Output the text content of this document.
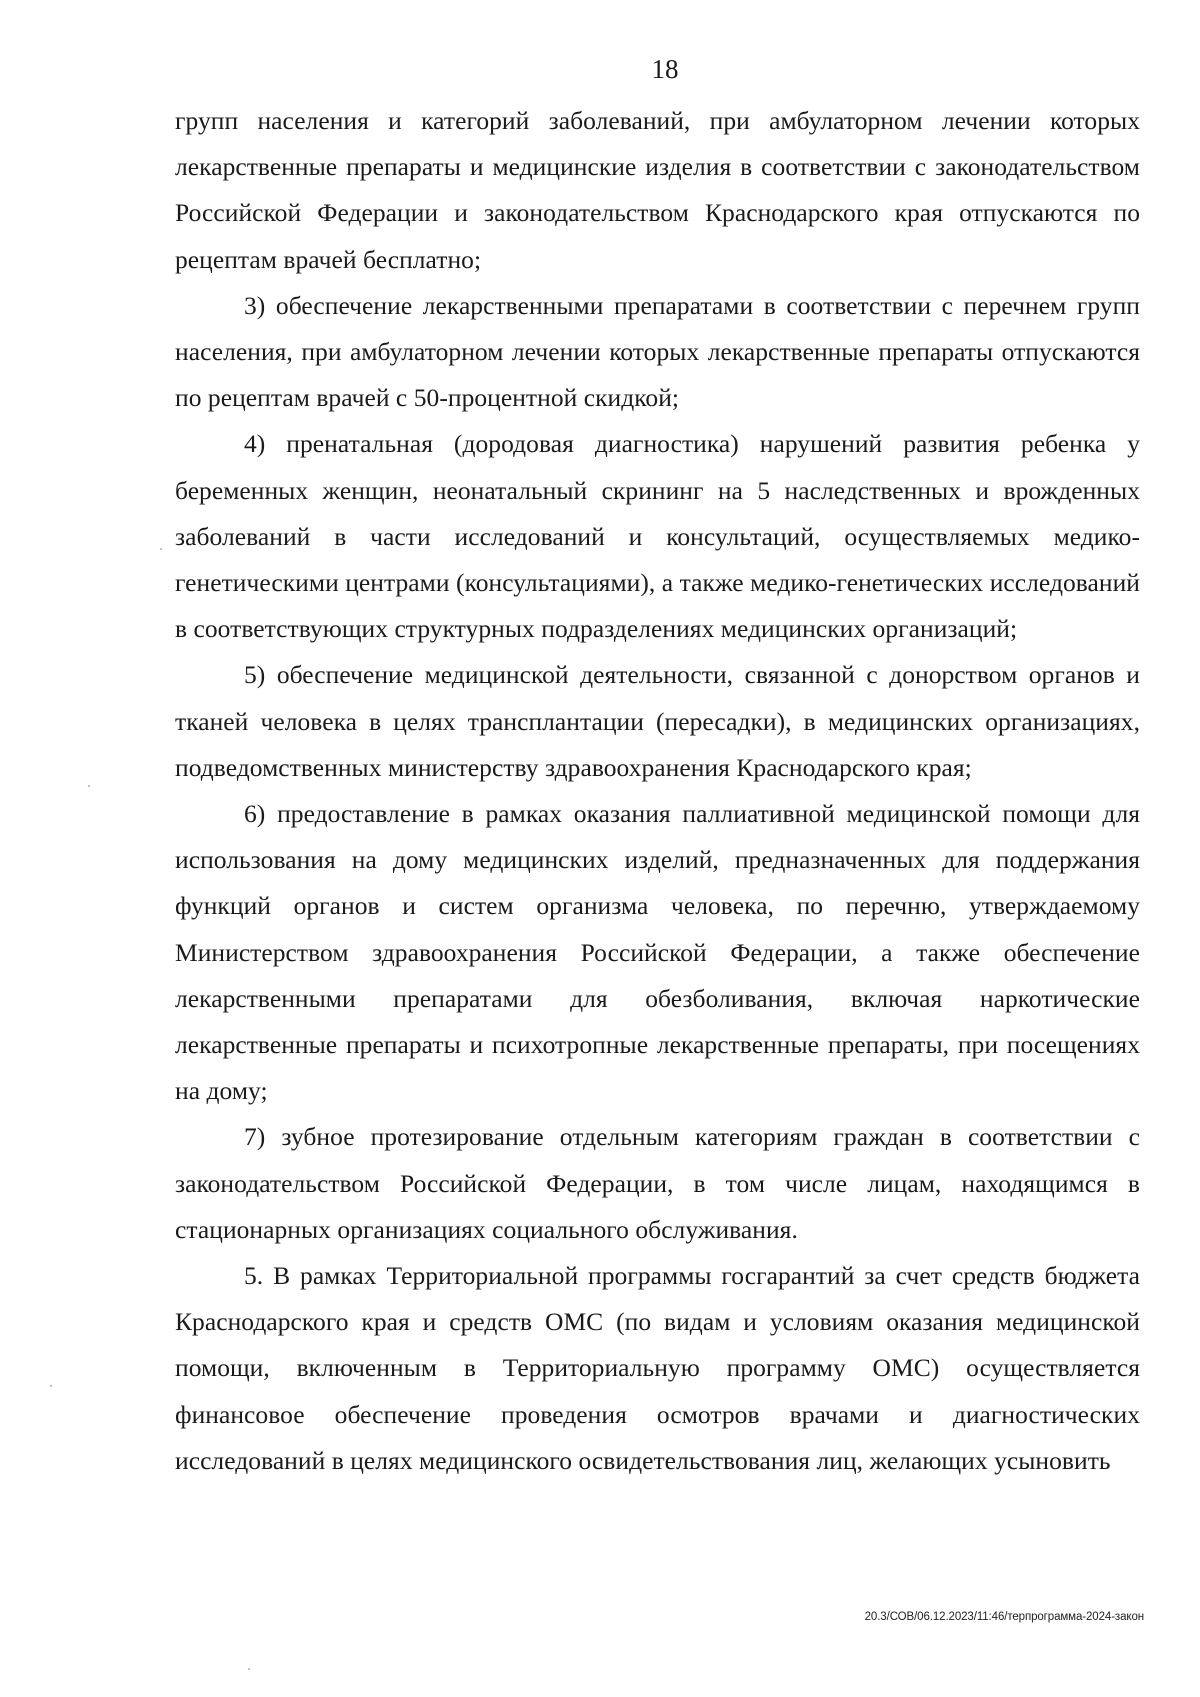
18

групп населения и категорий заболеваний, при амбулаторном лечении которых лекарственные препараты и медицинские изделия в соответствии с законодательством Российской Федерации и законодательством Краснодарского края отпускаются по рецептам врачей бесплатно;

3) обеспечение лекарственными препаратами в соответствии с перечнем групп населения, при амбулаторном лечении которых лекарственные препараты отпускаются по рецептам врачей с 50-процентной скидкой;

4) пренатальная (дородовая диагностика) нарушений развития ребенка у беременных женщин, неонатальный скрининг на 5 наследственных и врожденных заболеваний в части исследований и консультаций, осуществляемых медико-генетическими центрами (консультациями), а также медико-генетических исследований в соответствующих структурных подразделениях медицинских организаций;

5) обеспечение медицинской деятельности, связанной с донорством органов и тканей человека в целях трансплантации (пересадки), в медицинских организациях, подведомственных министерству здравоохранения Краснодарского края;

6) предоставление в рамках оказания паллиативной медицинской помощи для использования на дому медицинских изделий, предназначенных для поддержания функций органов и систем организма человека, по перечню, утверждаемому Министерством здравоохранения Российской Федерации, а также обеспечение лекарственными препаратами для обезболивания, включая наркотические лекарственные препараты и психотропные лекарственные препараты, при посещениях на дому;

7) зубное протезирование отдельным категориям граждан в соответствии с законодательством Российской Федерации, в том числе лицам, находящимся в стационарных организациях социального обслуживания.

5. В рамках Территориальной программы госгарантий за счет средств бюджета Краснодарского края и средств ОМС (по видам и условиям оказания медицинской помощи, включенным в Территориальную программу ОМС) осуществляется финансовое обеспечение проведения осмотров врачами и диагностических исследований в целях медицинского освидетельствования лиц, желающих усыновить

20.3/СОВ/06.12.2023/11:46/терпрограмма-2024-закон
